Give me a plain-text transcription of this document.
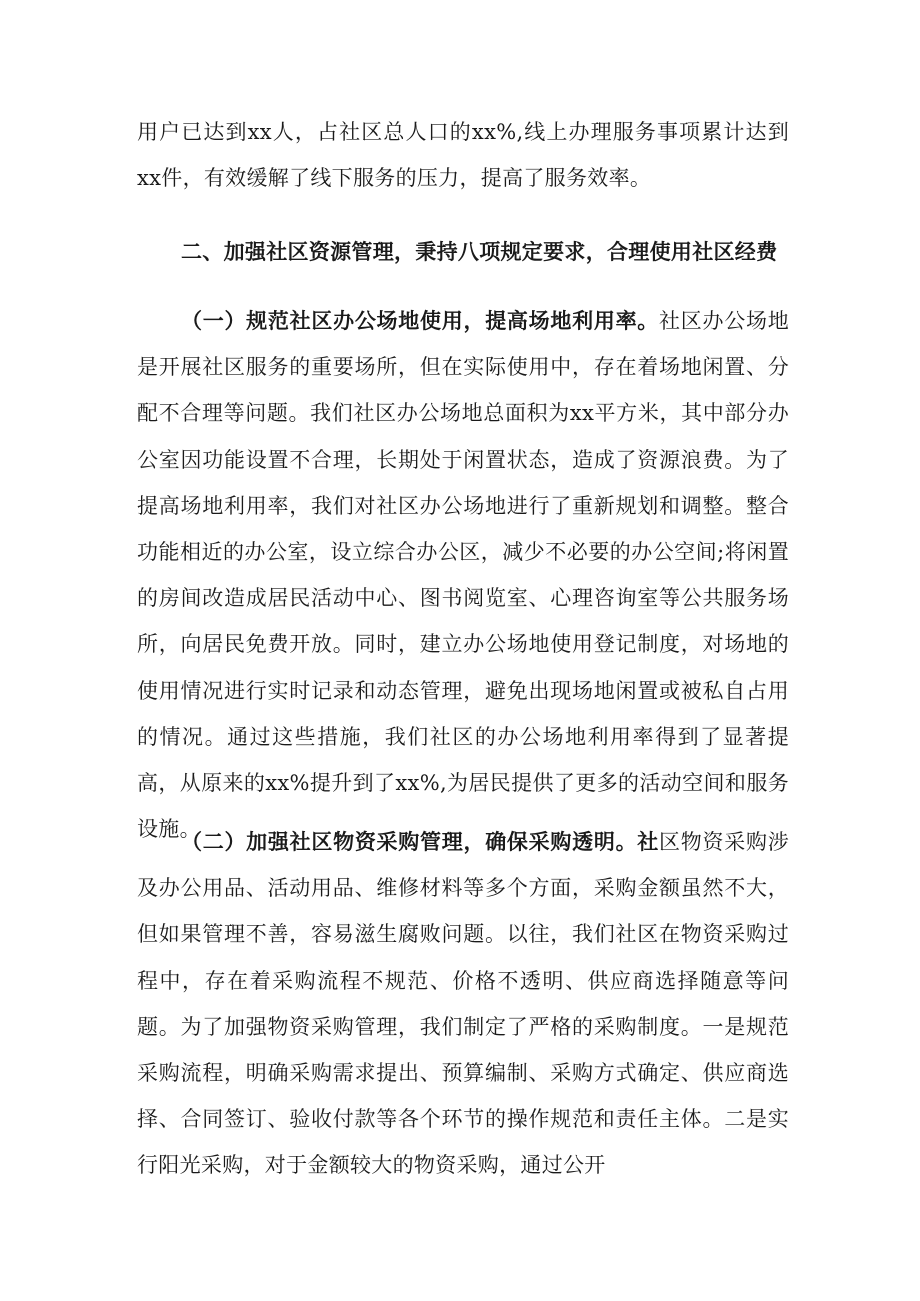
用户已达到xx人，占社区总人口的xx%,线上办理服务事项累计达到xx件，有效缓解了线下服务的压力，提高了服务效率。

二、加强社区资源管理，秉持八项规定要求，合理使用社区经费

（一）规范社区办公场地使用，提高场地利用率。社区办公场地是开展社区服务的重要场所，但在实际使用中，存在着场地闲置、分配不合理等问题。我们社区办公场地总面积为xx平方米，其中部分办公室因功能设置不合理，长期处于闲置状态，造成了资源浪费。为了提高场地利用率，我们对社区办公场地进行了重新规划和调整。整合功能相近的办公室，设立综合办公区，减少不必要的办公空间;将闲置的房间改造成居民活动中心、图书阅览室、心理咨询室等公共服务场所，向居民免费开放。同时，建立办公场地使用登记制度，对场地的使用情况进行实时记录和动态管理，避免出现场地闲置或被私自占用的情况。通过这些措施，我们社区的办公场地利用率得到了显著提高，从原来的xx%提升到了xx%,为居民提供了更多的活动空间和服务设施。

（二）加强社区物资采购管理，确保采购透明。社区物资采购涉及办公用品、活动用品、维修材料等多个方面，采购金额虽然不大，但如果管理不善，容易滋生腐败问题。以往，我们社区在物资采购过程中，存在着采购流程不规范、价格不透明、供应商选择随意等问题。为了加强物资采购管理，我们制定了严格的采购制度。一是规范采购流程，明确采购需求提出、预算编制、采购方式确定、供应商选择、合同签订、验收付款等各个环节的操作规范和责任主体。二是实行阳光采购，对于金额较大的物资采购，通过公开
